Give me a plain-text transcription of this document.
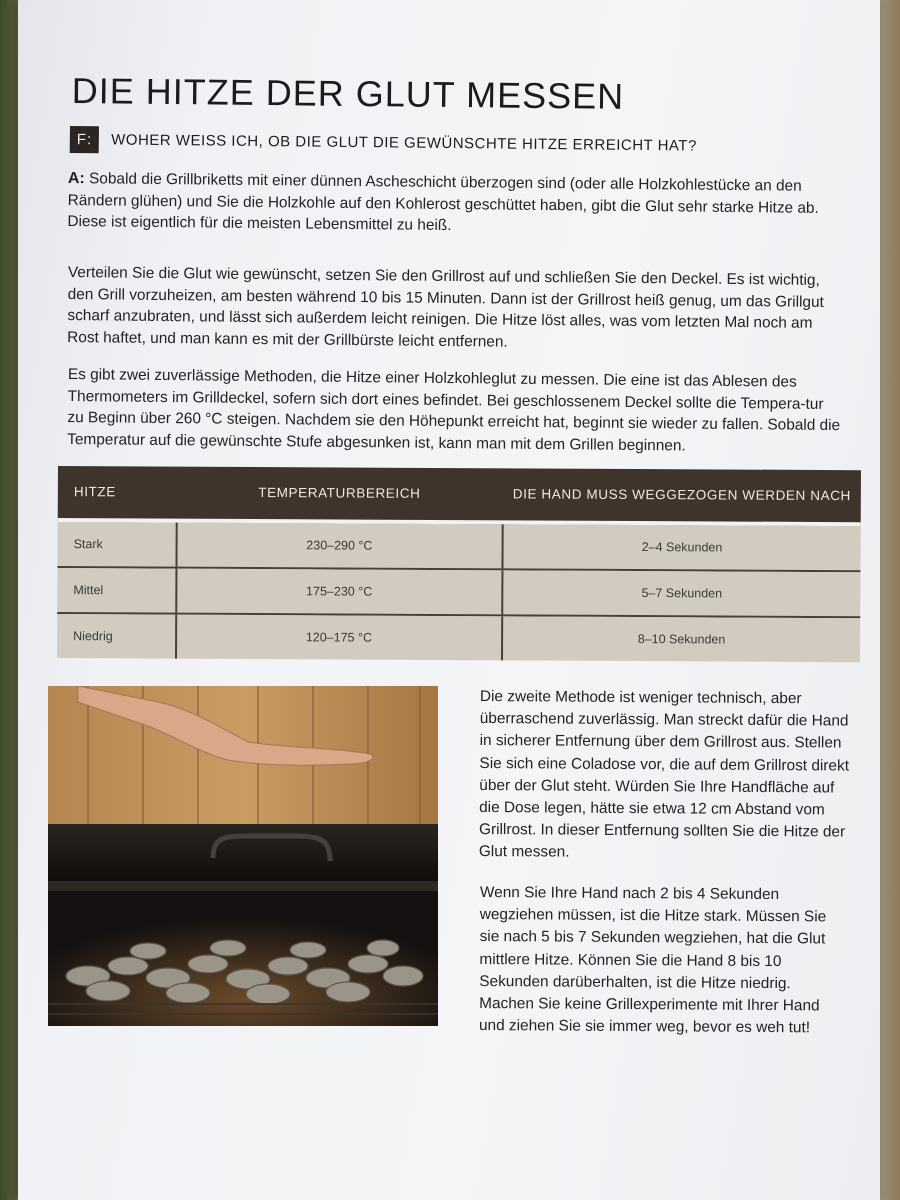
DIE HITZE DER GLUT MESSEN
F:	WOHER WEISS ICH, OB DIE GLUT DIE GEWÜNSCHTE HITZE ERREICHT HAT?

A: Sobald die Grillbriketts mit einer dünnen Ascheschicht überzogen sind (oder alle Holzkohlestücke an den Rändern glühen) und Sie die Holzkohle auf den Kohlerost geschüttet haben, gibt die Glut sehr starke Hitze ab. Diese ist eigentlich für die meisten Lebensmittel zu heiß.

Verteilen Sie die Glut wie gewünscht, setzen Sie den Grillrost auf und schließen Sie den Deckel. Es ist wichtig, den Grill vorzuheizen, am besten während 10 bis 15 Minuten. Dann ist der Grillrost heiß genug, um das Grillgut scharf anzubraten, und lässt sich außerdem leicht reinigen. Die Hitze löst alles, was vom letzten Mal noch am Rost haftet, und man kann es mit der Grillbürste leicht entfernen.

Es gibt zwei zuverlässige Methoden, die Hitze einer Holzkohleglut zu messen. Die eine ist das Ablesen des Thermometers im Grilldeckel, sofern sich dort eines befindet. Bei geschlossenem Deckel sollte die Tempera-tur zu Beginn über 260 °C steigen. Nachdem sie den Höhepunkt erreicht hat, beginnt sie wieder zu fallen. Sobald die Temperatur auf die gewünschte Stufe abgesunken ist, kann man mit dem Grillen beginnen.

HITZE	TEMPERATURBEREICH	DIE HAND MUSS WEGGEZOGEN WERDEN NACH
Stark	230–290 °C	2–4 Sekunden
Mittel	175–230 °C	5–7 Sekunden
Niedrig	120–175 °C	8–10 Sekunden

Die zweite Methode ist weniger technisch, aber überraschend zuverlässig. Man streckt dafür die Hand in sicherer Entfernung über dem Grillrost aus. Stellen Sie sich eine Coladose vor, die auf dem Grillrost direkt über der Glut steht. Würden Sie Ihre Handfläche auf die Dose legen, hätte sie etwa 12 cm Abstand vom Grillrost. In dieser Entfernung sollten Sie die Hitze der Glut messen.

Wenn Sie Ihre Hand nach 2 bis 4 Sekunden wegziehen müssen, ist die Hitze stark. Müssen Sie sie nach 5 bis 7 Sekunden wegziehen, hat die Glut mittlere Hitze. Können Sie die Hand 8 bis 10 Sekunden darüberhalten, ist die Hitze niedrig. Machen Sie keine Grillexperimente mit Ihrer Hand und ziehen Sie sie immer weg, bevor es weh tut!
